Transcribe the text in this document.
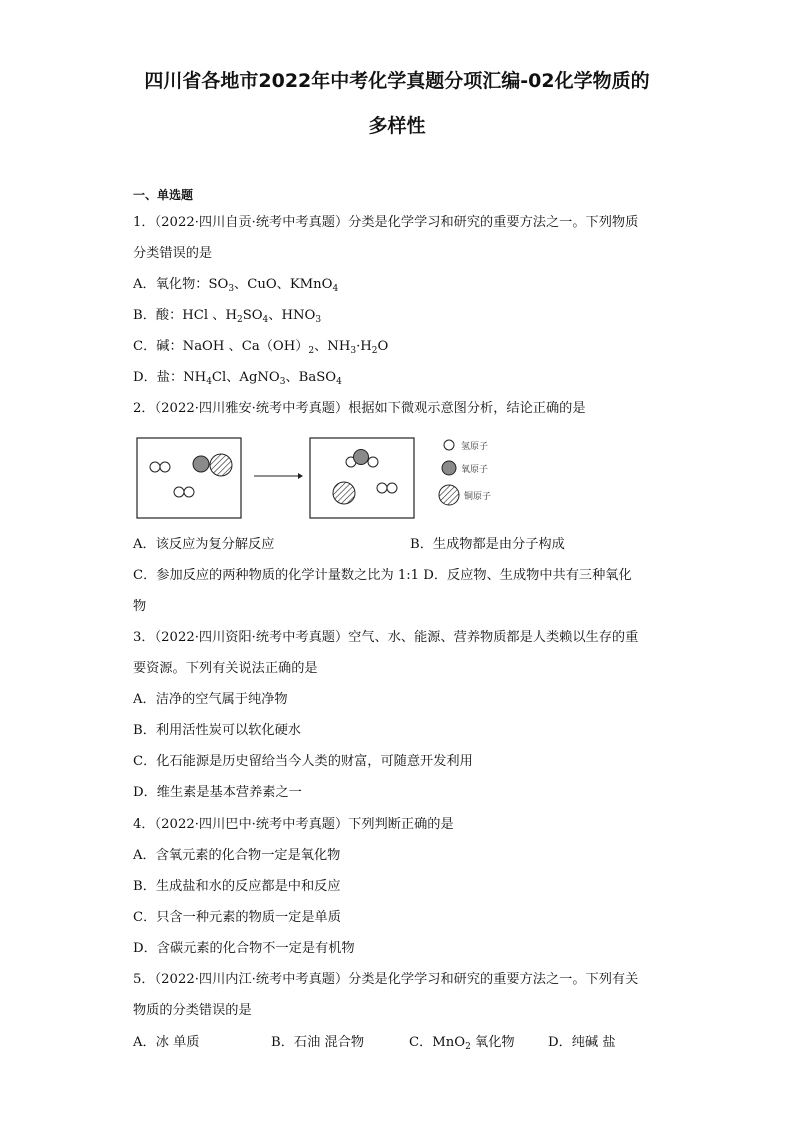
四川省各地市2022年中考化学真题分项汇编-02化学物质的
多样性
一、单选题
1．（2022·四川自贡·统考中考真题）分类是化学学习和研究的重要方法之一。下列物质
分类错误的是
A．氧化物：$SO_3$、CuO、KMnO$_4$
B．酸：HCl 、$H_2SO_4$、$HNO_3$
C．碱：NaOH 、$Ca(OH)_2$、$NH_3\cdot H_2O$
D．盐：$NH_4Cl$、AgNO$_3$、BaSO$_4$
2．（2022·四川雅安·统考中考真题）根据如下微观示意图分析，结论正确的是
氢原子
氧原子
铜原子
A．该反应为复分解反应	B．生成物都是由分子构成
C．参加反应的两种物质的化学计量数之比为 1:1 D．反应物、生成物中共有三种氧化
物
3．（2022·四川资阳·统考中考真题）空气、水、能源、营养物质都是人类赖以生存的重
要资源。下列有关说法正确的是
A．洁净的空气属于纯净物
B．利用活性炭可以软化硬水
C．化石能源是历史留给当今人类的财富，可随意开发利用
D．维生素是基本营养素之一
4．（2022·四川巴中·统考中考真题）下列判断正确的是
A．含氧元素的化合物一定是氧化物
B．生成盐和水的反应都是中和反应
C．只含一种元素的物质一定是单质
D．含碳元素的化合物不一定是有机物
5．（2022·四川内江·统考中考真题）分类是化学学习和研究的重要方法之一。下列有关
物质的分类错误的是
A．冰 单质	B．石油 混合物	C．MnO$_2$ 氧化物	D．纯碱 盐
